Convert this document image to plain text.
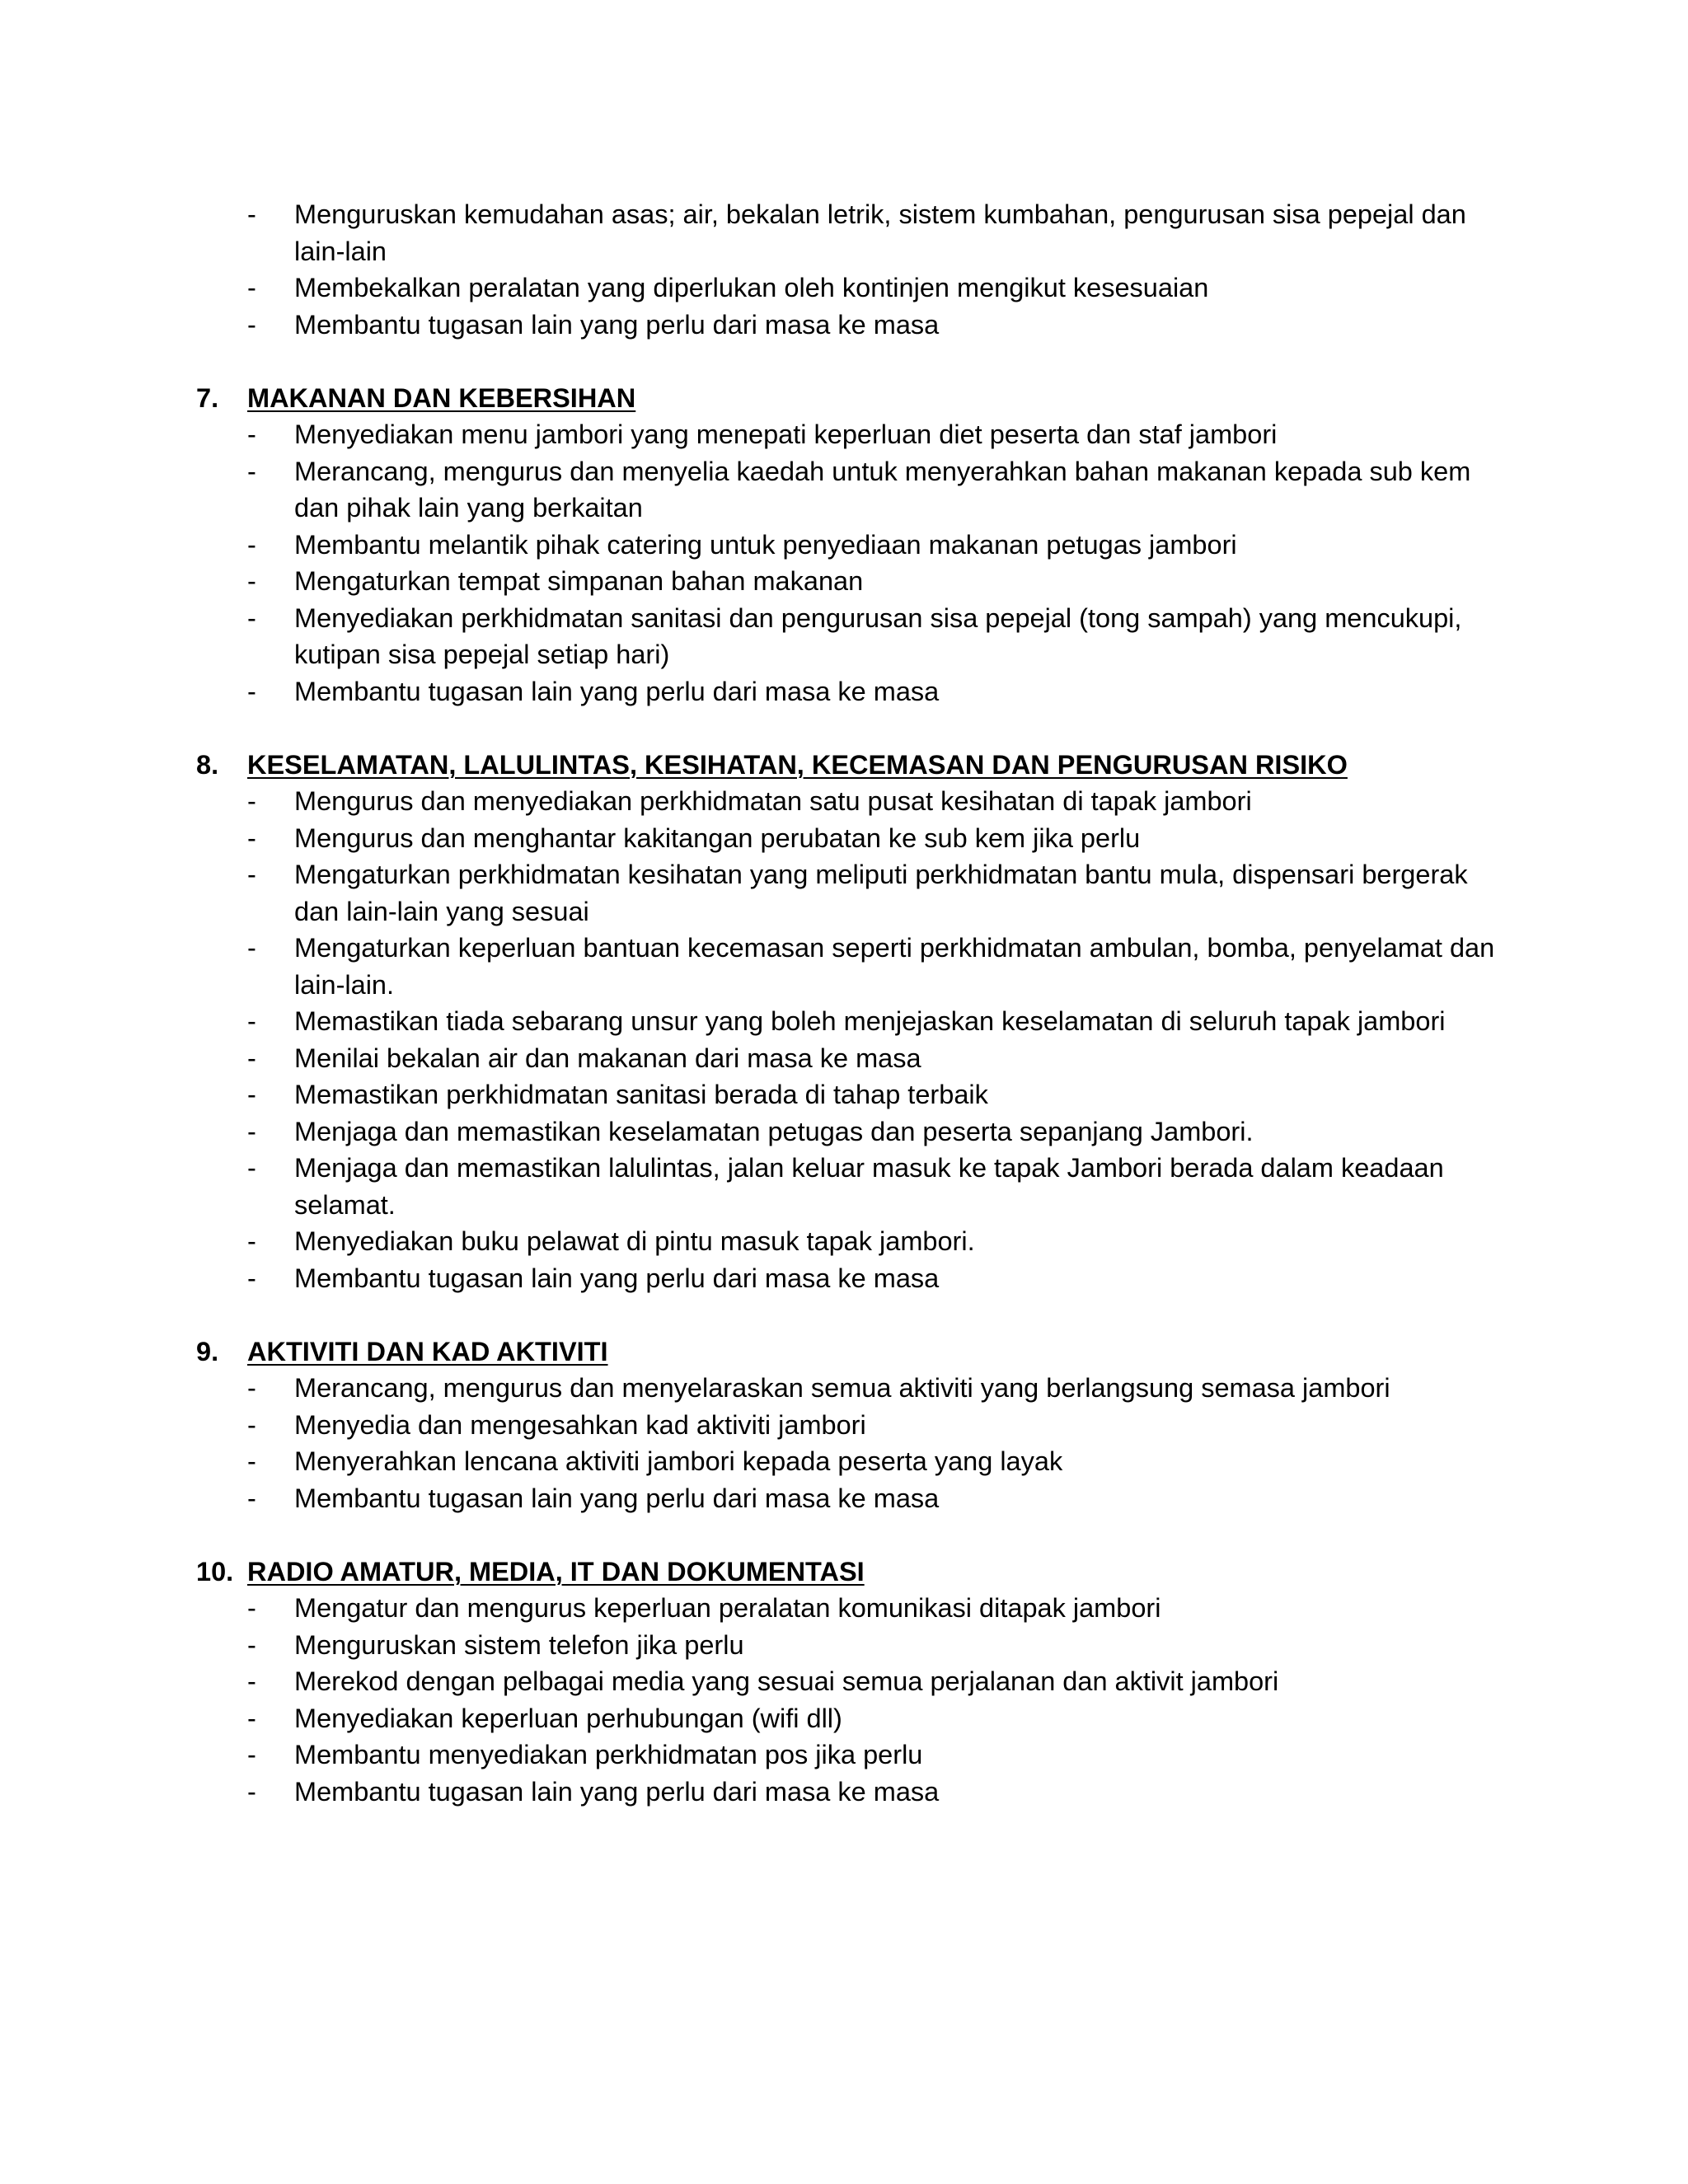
- Menguruskan kemudahan asas; air, bekalan letrik, sistem kumbahan, pengurusan sisa pepejal dan lain-lain
- Membekalkan peralatan yang diperlukan oleh kontinjen mengikut kesesuaian
- Membantu tugasan lain yang perlu dari masa ke masa
7. MAKANAN DAN KEBERSIHAN
- Menyediakan menu jambori yang menepati keperluan diet peserta dan staf jambori
- Merancang, mengurus dan menyelia kaedah untuk menyerahkan bahan makanan kepada sub kem dan pihak lain yang berkaitan
- Membantu melantik pihak catering untuk penyediaan makanan petugas jambori
- Mengaturkan tempat simpanan bahan makanan
- Menyediakan perkhidmatan sanitasi dan pengurusan sisa pepejal (tong sampah) yang mencukupi, kutipan sisa pepejal setiap hari)
- Membantu tugasan lain yang perlu dari masa ke masa
8. KESELAMATAN, LALULINTAS, KESIHATAN, KECEMASAN DAN PENGURUSAN RISIKO
- Mengurus dan menyediakan perkhidmatan satu pusat kesihatan di tapak jambori
- Mengurus dan menghantar kakitangan perubatan ke sub kem jika perlu
- Mengaturkan perkhidmatan kesihatan yang meliputi perkhidmatan bantu mula, dispensari bergerak dan lain-lain yang sesuai
- Mengaturkan keperluan bantuan kecemasan seperti perkhidmatan ambulan, bomba, penyelamat dan lain-lain.
- Memastikan tiada sebarang unsur yang boleh menjejaskan keselamatan di seluruh tapak jambori
- Menilai bekalan air dan makanan dari masa ke masa
- Memastikan perkhidmatan sanitasi berada di tahap terbaik
- Menjaga dan memastikan keselamatan petugas dan peserta sepanjang Jambori.
- Menjaga dan memastikan lalulintas, jalan keluar masuk ke tapak Jambori berada dalam keadaan selamat.
- Menyediakan buku pelawat di pintu masuk tapak jambori.
- Membantu tugasan lain yang perlu dari masa ke masa
9. AKTIVITI DAN KAD AKTIVITI
- Merancang, mengurus dan menyelaraskan semua aktiviti yang berlangsung semasa jambori
- Menyedia dan mengesahkan kad aktiviti jambori
- Menyerahkan lencana aktiviti jambori kepada peserta yang layak
- Membantu tugasan lain yang perlu dari masa ke masa
10. RADIO AMATUR, MEDIA, IT DAN DOKUMENTASI
- Mengatur dan mengurus keperluan peralatan komunikasi ditapak jambori
- Menguruskan sistem telefon jika perlu
- Merekod dengan pelbagai media yang sesuai semua perjalanan dan aktivit jambori
- Menyediakan keperluan perhubungan (wifi dll)
- Membantu menyediakan perkhidmatan pos jika perlu
- Membantu tugasan lain yang perlu dari masa ke masa
